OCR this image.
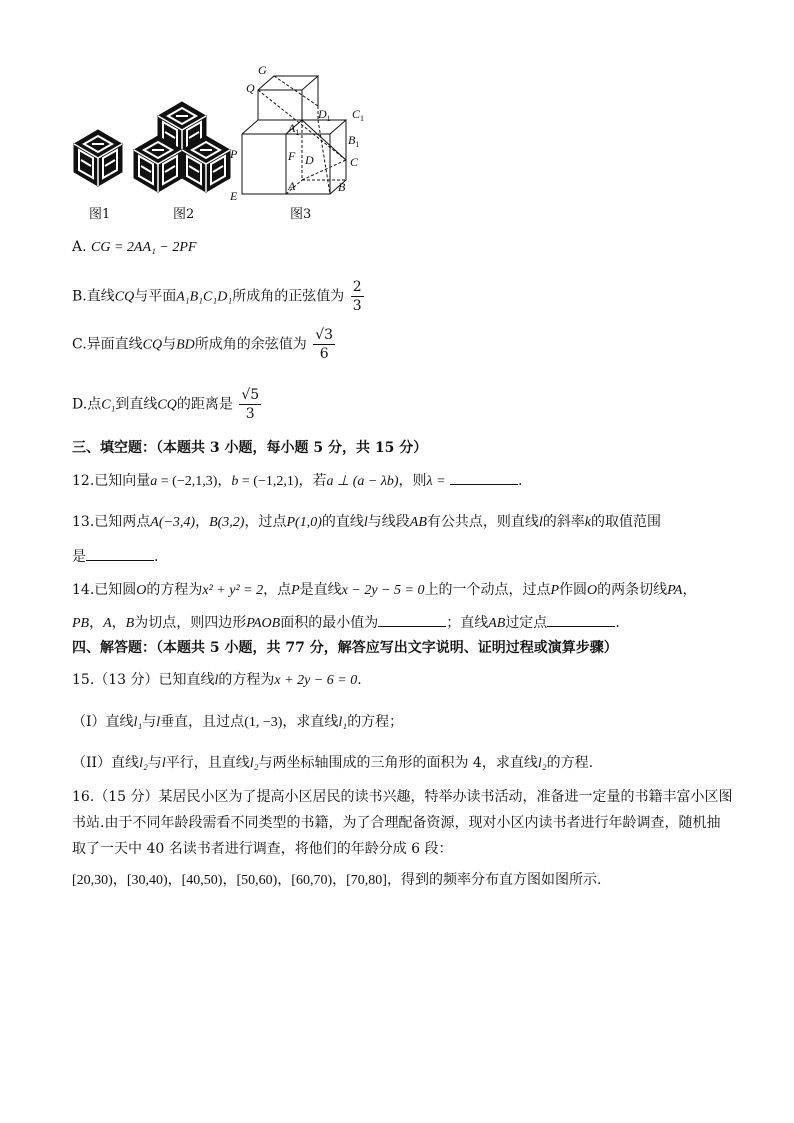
G
Q
$D_1$ $C_1$
$A_1$
$B_1$
P	F D	C
E
A	B
图1	图2	图3
A. CG = 2AA₁ − 2PF
B.直线CQ与平面A₁B₁C₁D₁所成角的正弦值为 $\frac{2}{3}$
C.异面直线CQ与BD所成角的余弦值为 $\frac{√3}{6}$
D.点C₁到直线CQ的距离是 $\frac{√5}{3}$
三、填空题：（本题共 3 小题，每小题 5 分，共 15 分）
12.已知向量a = (−2,1,3)，b = (−1,2,1)，若a ⊥ (a − λb)，则λ =	.
13.已知两点A(−3,4)，B(3,2)，过点P(1,0)的直线l与线段AB有公共点，则直线l的斜率k的取值范围
是	.
14.已知圆O的方程为x² + y² = 2，点P是直线x − 2y − 5 = 0上的一个动点，过点P作圆O的两条切线PA，
PB，A，B为切点，则四边形PAOB面积的最小值为	；直线AB过定点	.
四、解答题：（本题共 5 小题，共 77 分，解答应写出文字说明、证明过程或演算步骤）
15.（13 分）已知直线l的方程为x + 2y − 6 = 0.
（I）直线l₁与l垂直，且过点(1, −3)，求直线l₁的方程；
（II）直线l₂与l平行，且直线l₂与两坐标轴围成的三角形的面积为 4，求直线l₂的方程.
16.（15 分）某居民小区为了提高小区居民的读书兴趣，特举办读书活动，准备进一定量的书籍丰富小区图
书站.由于不同年龄段需看不同类型的书籍，为了合理配备资源，现对小区内读书者进行年龄调查，随机抽
取了一天中 40 名读书者进行调查，将他们的年龄分成 6 段：
[20,30)，[30,40)，[40,50)，[50,60)，[60,70)，[70,80]，得到的频率分布直方图如图所示.
